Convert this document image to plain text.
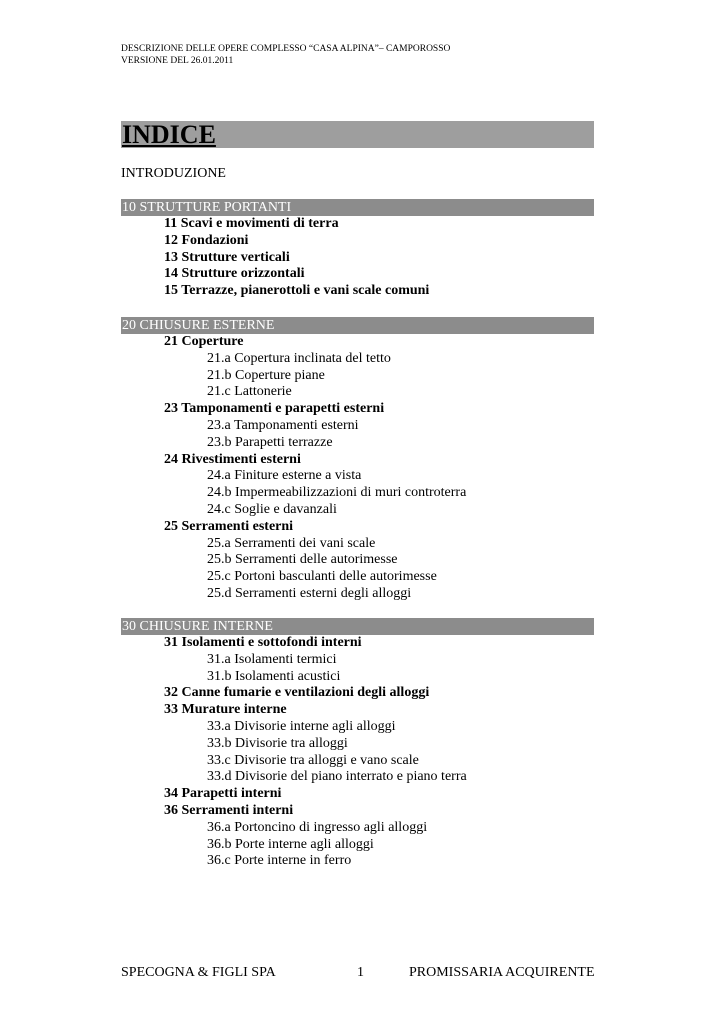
DESCRIZIONE DELLE OPERE COMPLESSO “CASA ALPINA”– CAMPOROSSO
VERSIONE DEL 26.01.2011
INDICE
INTRODUZIONE
10 STRUTTURE PORTANTI
11 Scavi e movimenti di terra
12 Fondazioni
13 Strutture verticali
14 Strutture orizzontali
15 Terrazze, pianerottoli e vani scale comuni
20 CHIUSURE ESTERNE
21 Coperture
21.a Copertura inclinata del tetto
21.b Coperture piane
21.c Lattonerie
23 Tamponamenti e parapetti esterni
23.a Tamponamenti esterni
23.b Parapetti terrazze
24 Rivestimenti esterni
24.a Finiture esterne a vista
24.b Impermeabilizzazioni di muri controterra
24.c Soglie e davanzali
25 Serramenti esterni
25.a Serramenti dei vani scale
25.b Serramenti delle autorimesse
25.c Portoni basculanti delle autorimesse
25.d Serramenti esterni degli alloggi
30 CHIUSURE INTERNE
31 Isolamenti e sottofondi interni
31.a Isolamenti termici
31.b Isolamenti acustici
32 Canne fumarie e ventilazioni degli alloggi
33 Murature interne
33.a Divisorie interne agli alloggi
33.b Divisorie tra alloggi
33.c Divisorie tra alloggi e vano scale
33.d Divisorie del piano interrato e piano terra
34 Parapetti interni
36 Serramenti interni
36.a Portoncino di ingresso agli alloggi
36.b Porte interne agli alloggi
36.c Porte interne in ferro
SPECOGNA & FIGLI SPA	1	PROMISSARIA ACQUIRENTE
